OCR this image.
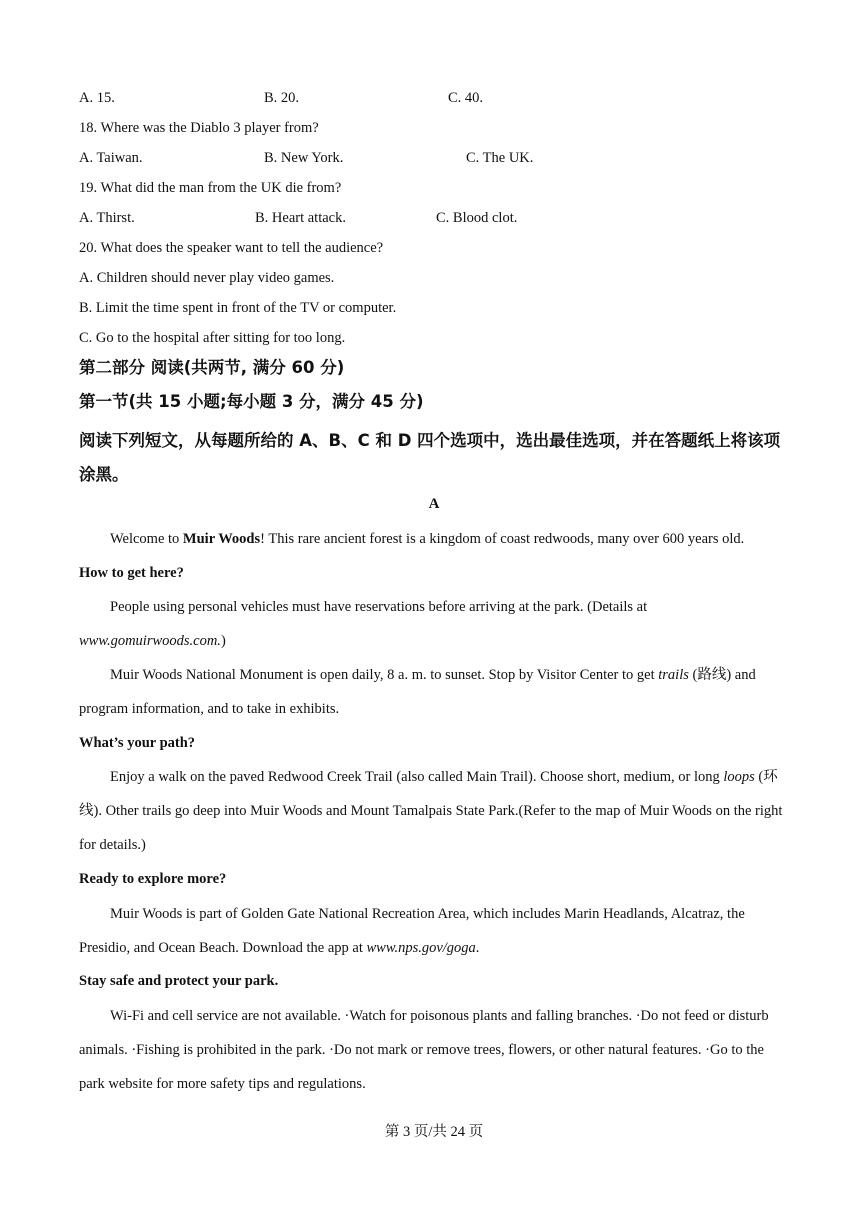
A. 15.	B. 20.	C. 40.
18. Where was the Diablo 3 player from?
A. Taiwan.	B. New York.	C. The UK.
19. What did the man from the UK die from?
A. Thirst.	B. Heart attack.	C. Blood clot.
20. What does the speaker want to tell the audience?
A. Children should never play video games.
B. Limit the time spent in front of the TV or computer.
C. Go to the hospital after sitting for too long.
第二部分 阅读(共两节, 满分 60 分)
第一节(共 15 小题;每小题 3 分，满分 45 分)
阅读下列短文，从每题所给的 A、B、C 和 D 四个选项中，选出最佳选项，并在答题纸上将该项涂黑。
A
Welcome to Muir Woods! This rare ancient forest is a kingdom of coast redwoods, many over 600 years old.
How to get here?
People using personal vehicles must have reservations before arriving at the park. (Details at
www.gomuirwoods.com.)
Muir Woods National Monument is open daily, 8 a. m. to sunset. Stop by Visitor Center to get trails (路线) and program information, and to take in exhibits.
What’s your path?
Enjoy a walk on the paved Redwood Creek Trail (also called Main Trail). Choose short, medium, or long loops (环线). Other trails go deep into Muir Woods and Mount Tamalpais State Park.(Refer to the map of Muir Woods on the right for details.)
Ready to explore more?
Muir Woods is part of Golden Gate National Recreation Area, which includes Marin Headlands, Alcatraz, the Presidio, and Ocean Beach. Download the app at www.nps.gov/goga.
Stay safe and protect your park.
Wi-Fi and cell service are not available. ·Watch for poisonous plants and falling branches. ·Do not feed or disturb animals. ·Fishing is prohibited in the park. ·Do not mark or remove trees, flowers, or other natural features. ·Go to the park website for more safety tips and regulations.
第 3 页/共 24 页
